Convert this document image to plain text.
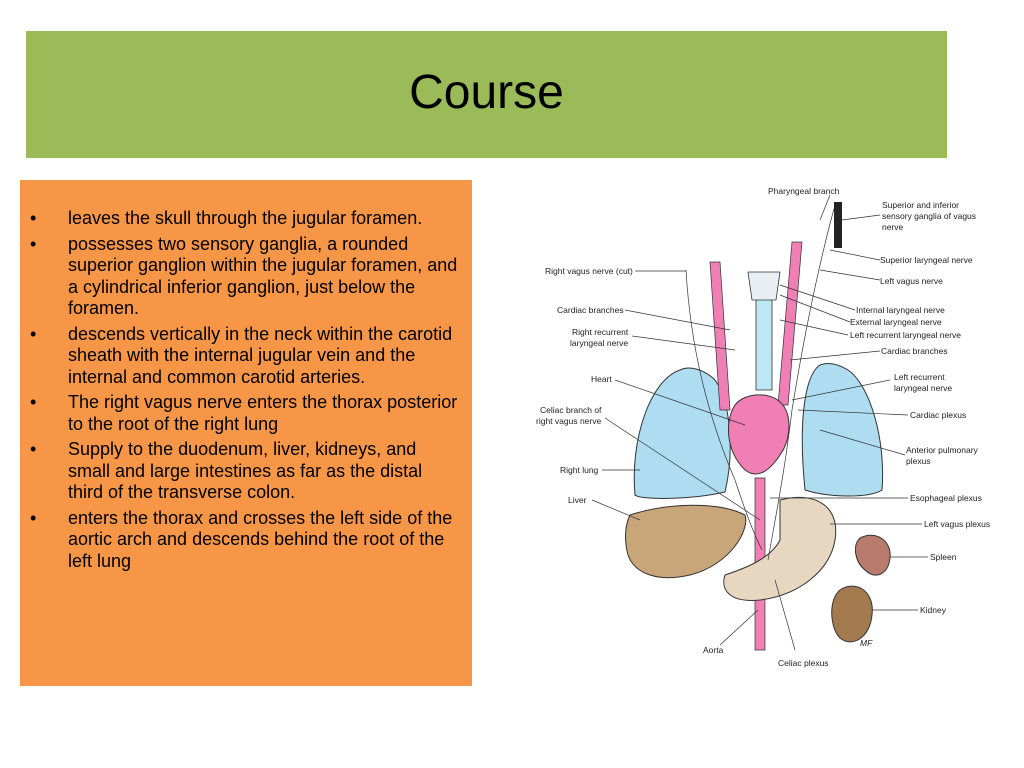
Course
• leaves the skull through the jugular foramen.
• possesses two sensory ganglia, a rounded superior ganglion within the jugular foramen, and a cylindrical inferior ganglion, just below the foramen.
• descends vertically in the neck within the carotid sheath with the internal jugular vein and the internal and common carotid arteries.
• The right vagus nerve enters the thorax posterior to the root of the right lung
• Supply to the duodenum, liver, kidneys, and small and large intestines as far as the distal third of the transverse colon.
• enters the thorax and crosses the left side of the aortic arch and descends behind the root of the left lung
Pharyngeal branch
Superior and inferior
sensory ganglia of vagus
nerve
Superior laryngeal nerve
Left vagus nerve
Right vagus nerve (cut)
Cardiac branches	Internal laryngeal nerve
External laryngeal nerve
Left recurrent laryngeal nerve
Right recurrent
laryngeal nerve
Cardiac branches
Heart	Left recurrent
laryngeal nerve
Celiac branch of
right vagus nerve
Cardiac plexus
Anterior pulmonary
plexus
Right lung
Esophageal plexus
Liver
Left vagus plexus
Spleen
Kidney
Aorta
Celiac plexus
MF
